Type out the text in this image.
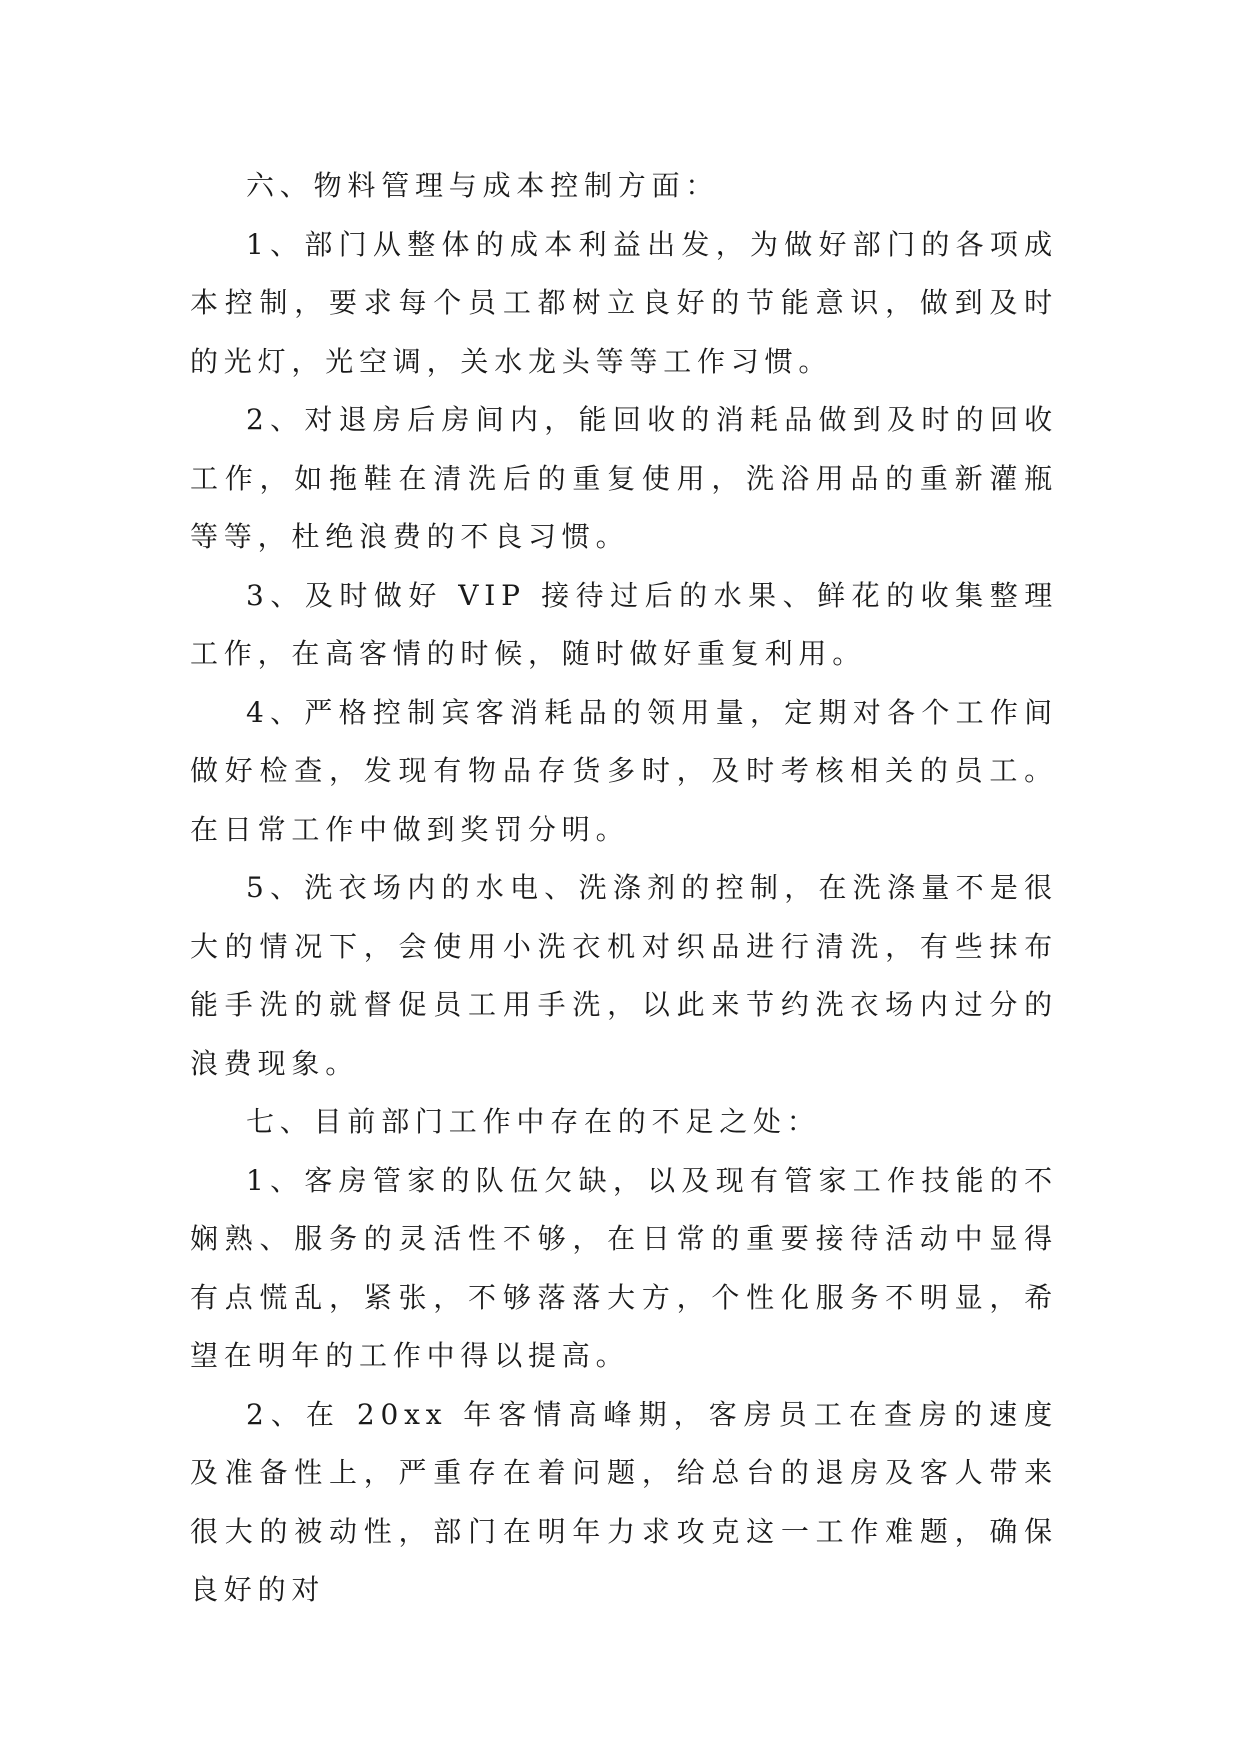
六、物料管理与成本控制方面：

1、部门从整体的成本利益出发，为做好部门的各项成本控制，要求每个员工都树立良好的节能意识，做到及时的光灯，光空调，关水龙头等等工作习惯。

2、对退房后房间内，能回收的消耗品做到及时的回收工作，如拖鞋在清洗后的重复使用，洗浴用品的重新灌瓶等等，杜绝浪费的不良习惯。

3、及时做好 VIP 接待过后的水果、鲜花的收集整理工作，在高客情的时候，随时做好重复利用。

4、严格控制宾客消耗品的领用量，定期对各个工作间做好检查，发现有物品存货多时，及时考核相关的员工。在日常工作中做到奖罚分明。

5、洗衣场内的水电、洗涤剂的控制，在洗涤量不是很大的情况下，会使用小洗衣机对织品进行清洗，有些抹布能手洗的就督促员工用手洗，以此来节约洗衣场内过分的浪费现象。

七、目前部门工作中存在的不足之处：

1、客房管家的队伍欠缺，以及现有管家工作技能的不娴熟、服务的灵活性不够，在日常的重要接待活动中显得有点慌乱，紧张，不够落落大方，个性化服务不明显，希望在明年的工作中得以提高。

2、在 20xx 年客情高峰期，客房员工在查房的速度及准备性上，严重存在着问题，给总台的退房及客人带来很大的被动性，部门在明年力求攻克这一工作难题，确保良好的对
